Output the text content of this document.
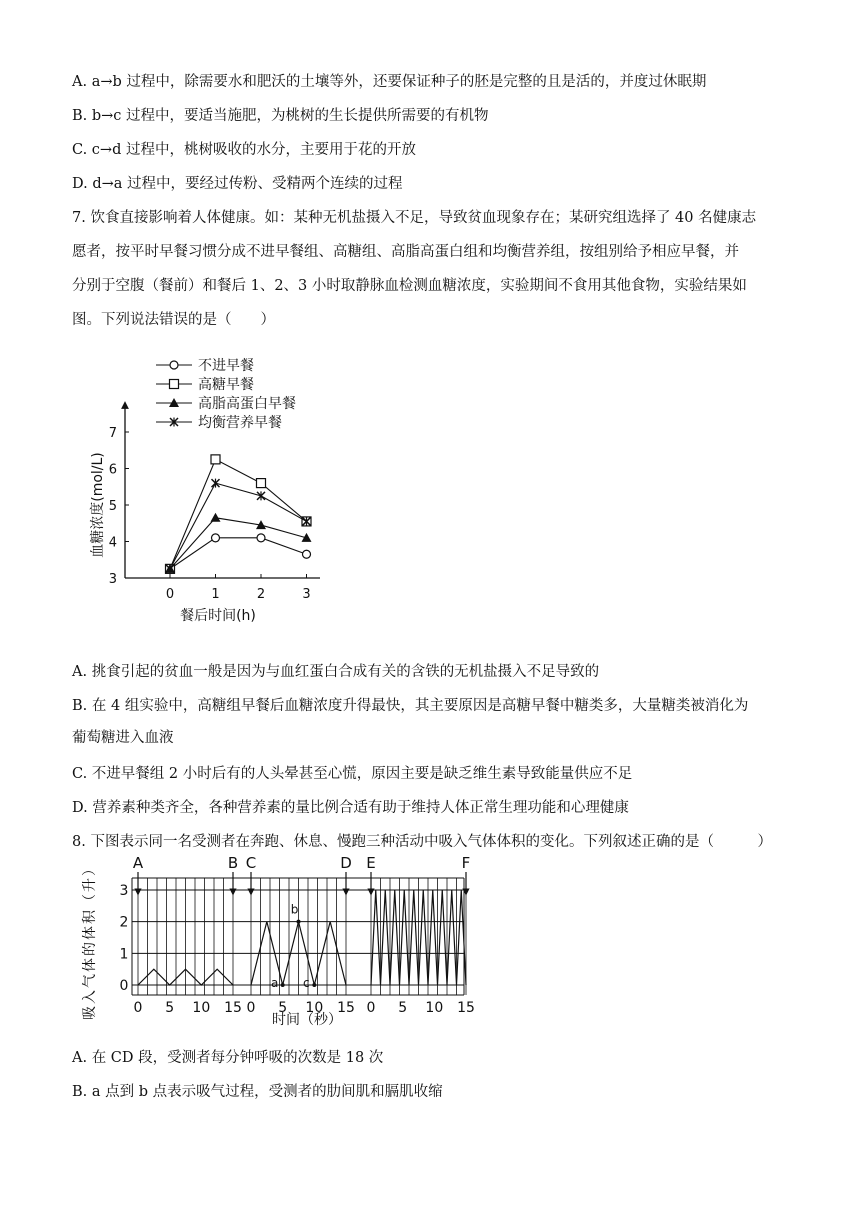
A. a→b 过程中，除需要水和肥沃的土壤等外，还要保证种子的胚是完整的且是活的，并度过休眠期
B. b→c 过程中，要适当施肥，为桃树的生长提供所需要的有机物
C. c→d 过程中，桃树吸收的水分，主要用于花的开放
D. d→a 过程中，要经过传粉、受精两个连续的过程
7. 饮食直接影响着人体健康。如：某种无机盐摄入不足，导致贫血现象存在；某研究组选择了 40 名健康志
愿者，按平时早餐习惯分成不进早餐组、高糖组、高脂高蛋白组和均衡营养组，按组别给予相应早餐，并
分别于空腹（餐前）和餐后 1、2、3 小时取静脉血检测血糖浓度，实验期间不食用其他食物，实验结果如
图。下列说法错误的是（　　）
3
4
5
6
7
0	1	2	3
不进早餐
高糖早餐
高脂高蛋白早餐
均衡营养早餐
血糖浓度(mol/L)
餐后时间(h)
A. 挑食引起的贫血一般是因为与血红蛋白合成有关的含铁的无机盐摄入不足导致的
B. 在 4 组实验中，高糖组早餐后血糖浓度升得最快，其主要原因是高糖早餐中糖类多，大量糖类被消化为
葡萄糖进入血液
C. 不进早餐组 2 小时后有的人头晕甚至心慌，原因主要是缺乏维生素导致能量供应不足
D. 营养素种类齐全，各种营养素的量比例合适有助于维持人体正常生理功能和心理健康
8. 下图表示同一名受测者在奔跑、休息、慢跑三种活动中吸入气体体积的变化。下列叙述正确的是（　　　）
0
1
2
3
0 5 10 15
A	B
0 5 10 15
C	D
a
b
c
0 5 10 15
E	F
吸入气体的体积（升）	时间（秒）
A. 在 CD 段，受测者每分钟呼吸的次数是 18 次
B. a 点到 b 点表示吸气过程，受测者的肋间肌和膈肌收缩
